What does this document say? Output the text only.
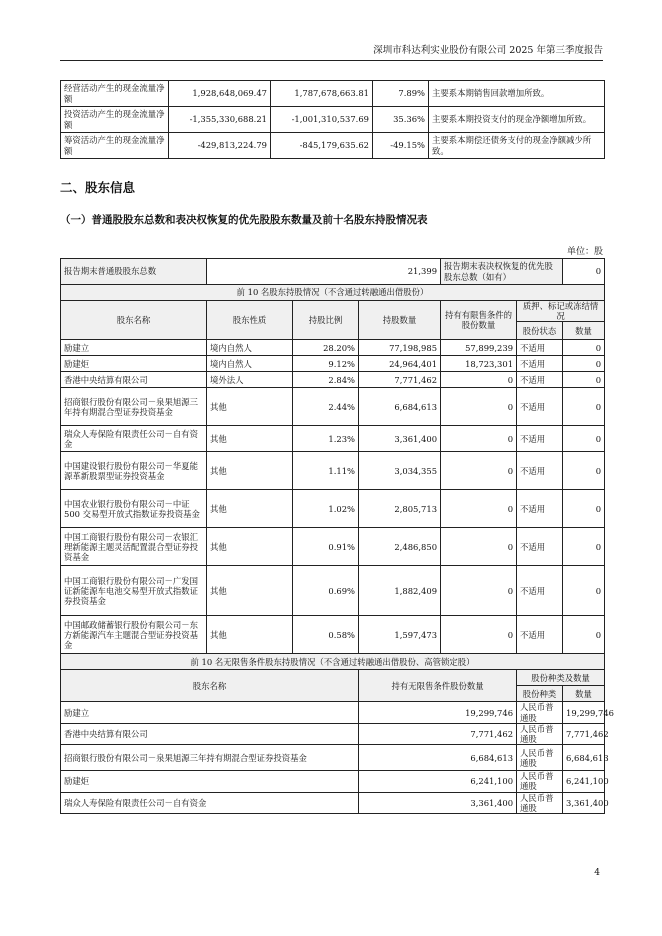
深圳市科达利实业股份有限公司 2025 年第三季度报告
经营活动产生的现金流量净额	1,928,648,069.47	1,787,678,663.81	7.89%	主要系本期销售回款增加所致。
投资活动产生的现金流量净额	-1,355,330,688.21	-1,001,310,537.69	35.36%	主要系本期投资支付的现金净额增加所致。
筹资活动产生的现金流量净额	-429,813,224.79	-845,179,635.62	-49.15%	主要系本期偿还债务支付的现金净额减少所致。
二、股东信息
（一）普通股股东总数和表决权恢复的优先股股东数量及前十名股东持股情况表
单位：股
报告期末普通股股东总数	21,399			报告期末表决权恢复的优先股股东总数（如有）		0
前 10 名股东持股情况（不含通过转融通出借股份）						
股东名称	股东性质	持股比例	持股数量	持有有限售条件的股份数量	质押、标记或冻结情况	
					股份状态	数量
励建立	境内自然人	28.20%	77,198,985	57,899,239	不适用	0
励建炬	境内自然人	9.12%	24,964,401	18,723,301	不适用	0
香港中央结算有限公司	境外法人	2.84%	7,771,462	0	不适用	0
招商银行股份有限公司－泉果旭源三年持有期混合型证券投资基金	其他	2.44%	6,684,613	0	不适用	0
瑞众人寿保险有限责任公司－自有资金	其他	1.23%	3,361,400	0	不适用	0
中国建设银行股份有限公司－华夏能源革新股票型证券投资基金	其他	1.11%	3,034,355	0	不适用	0
中国农业银行股份有限公司－中证 500 交易型开放式指数证券投资基金	其他	1.02%	2,805,713	0	不适用	0
中国工商银行股份有限公司－农银汇理新能源主题灵活配置混合型证券投资基金	其他	0.91%	2,486,850	0	不适用	0
中国工商银行股份有限公司－广发国证新能源车电池交易型开放式指数证券投资基金	其他	0.69%	1,882,409	0	不适用	0
中国邮政储蓄银行股份有限公司－东方新能源汽车主题混合型证券投资基金	其他	0.58%	1,597,473	0	不适用	0
前 10 名无限售条件股东持股情况（不含通过转融通出借股份、高管锁定股）						
股东名称			持有无限售条件股份数量		股份种类及数量	
					股份种类	数量
励建立			19,299,746		人民币普通股	19,299,746
香港中央结算有限公司			7,771,462		人民币普通股	7,771,462
招商银行股份有限公司－泉果旭源三年持有期混合型证券投资基金			6,684,613		人民币普通股	6,684,613
励建炬			6,241,100		人民币普通股	6,241,100
瑞众人寿保险有限责任公司－自有资金			3,361,400		人民币普通股	3,361,400
4
